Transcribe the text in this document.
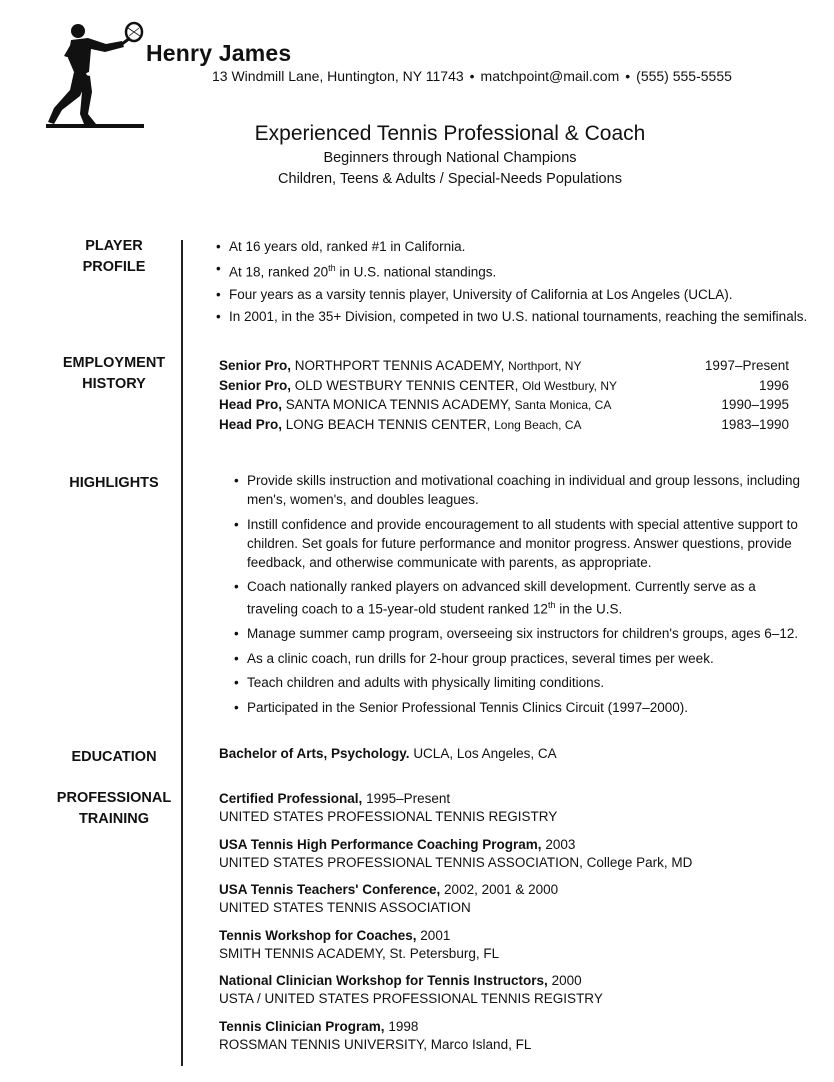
Henry James
13 Windmill Lane, Huntington, NY 11743 • matchpoint@mail.com • (555) 555-5555
Experienced Tennis Professional & Coach
Beginners through National Champions
Children, Teens & Adults / Special-Needs Populations
PLAYER
PROFILE
EMPLOYMENT
HISTORY
HIGHLIGHTS
EDUCATION
PROFESSIONAL
TRAINING
• At 16 years old, ranked #1 in California.
• At 18, ranked 20th in U.S. national standings.
• Four years as a varsity tennis player, University of California at Los Angeles (UCLA).
• In 2001, in the 35+ Division, competed in two U.S. national tournaments, reaching the semifinals.
Senior Pro, NORTHPORT TENNIS ACADEMY, Northport, NY	1997–Present
Senior Pro, OLD WESTBURY TENNIS CENTER, Old Westbury, NY	1996
Head Pro, SANTA MONICA TENNIS ACADEMY, Santa Monica, CA	1990–1995
Head Pro, LONG BEACH TENNIS CENTER, Long Beach, CA	1983–1990
• Provide skills instruction and motivational coaching in individual and group lessons, including men's, women's, and doubles leagues.
• Instill confidence and provide encouragement to all students with special attentive support to children. Set goals for future performance and monitor progress. Answer questions, provide feedback, and otherwise communicate with parents, as appropriate.
• Coach nationally ranked players on advanced skill development. Currently serve as a traveling coach to a 15-year-old student ranked 12th in the U.S.
• Manage summer camp program, overseeing six instructors for children's groups, ages 6–12.
• As a clinic coach, run drills for 2-hour group practices, several times per week.
• Teach children and adults with physically limiting conditions.
• Participated in the Senior Professional Tennis Clinics Circuit (1997–2000).
Bachelor of Arts, Psychology. UCLA, Los Angeles, CA
Certified Professional, 1995–Present
UNITED STATES PROFESSIONAL TENNIS REGISTRY
USA Tennis High Performance Coaching Program, 2003
UNITED STATES PROFESSIONAL TENNIS ASSOCIATION, College Park, MD
USA Tennis Teachers' Conference, 2002, 2001 & 2000
UNITED STATES TENNIS ASSOCIATION
Tennis Workshop for Coaches, 2001
SMITH TENNIS ACADEMY, St. Petersburg, FL
National Clinician Workshop for Tennis Instructors, 2000
USTA / UNITED STATES PROFESSIONAL TENNIS REGISTRY
Tennis Clinician Program, 1998
ROSSMAN TENNIS UNIVERSITY, Marco Island, FL
